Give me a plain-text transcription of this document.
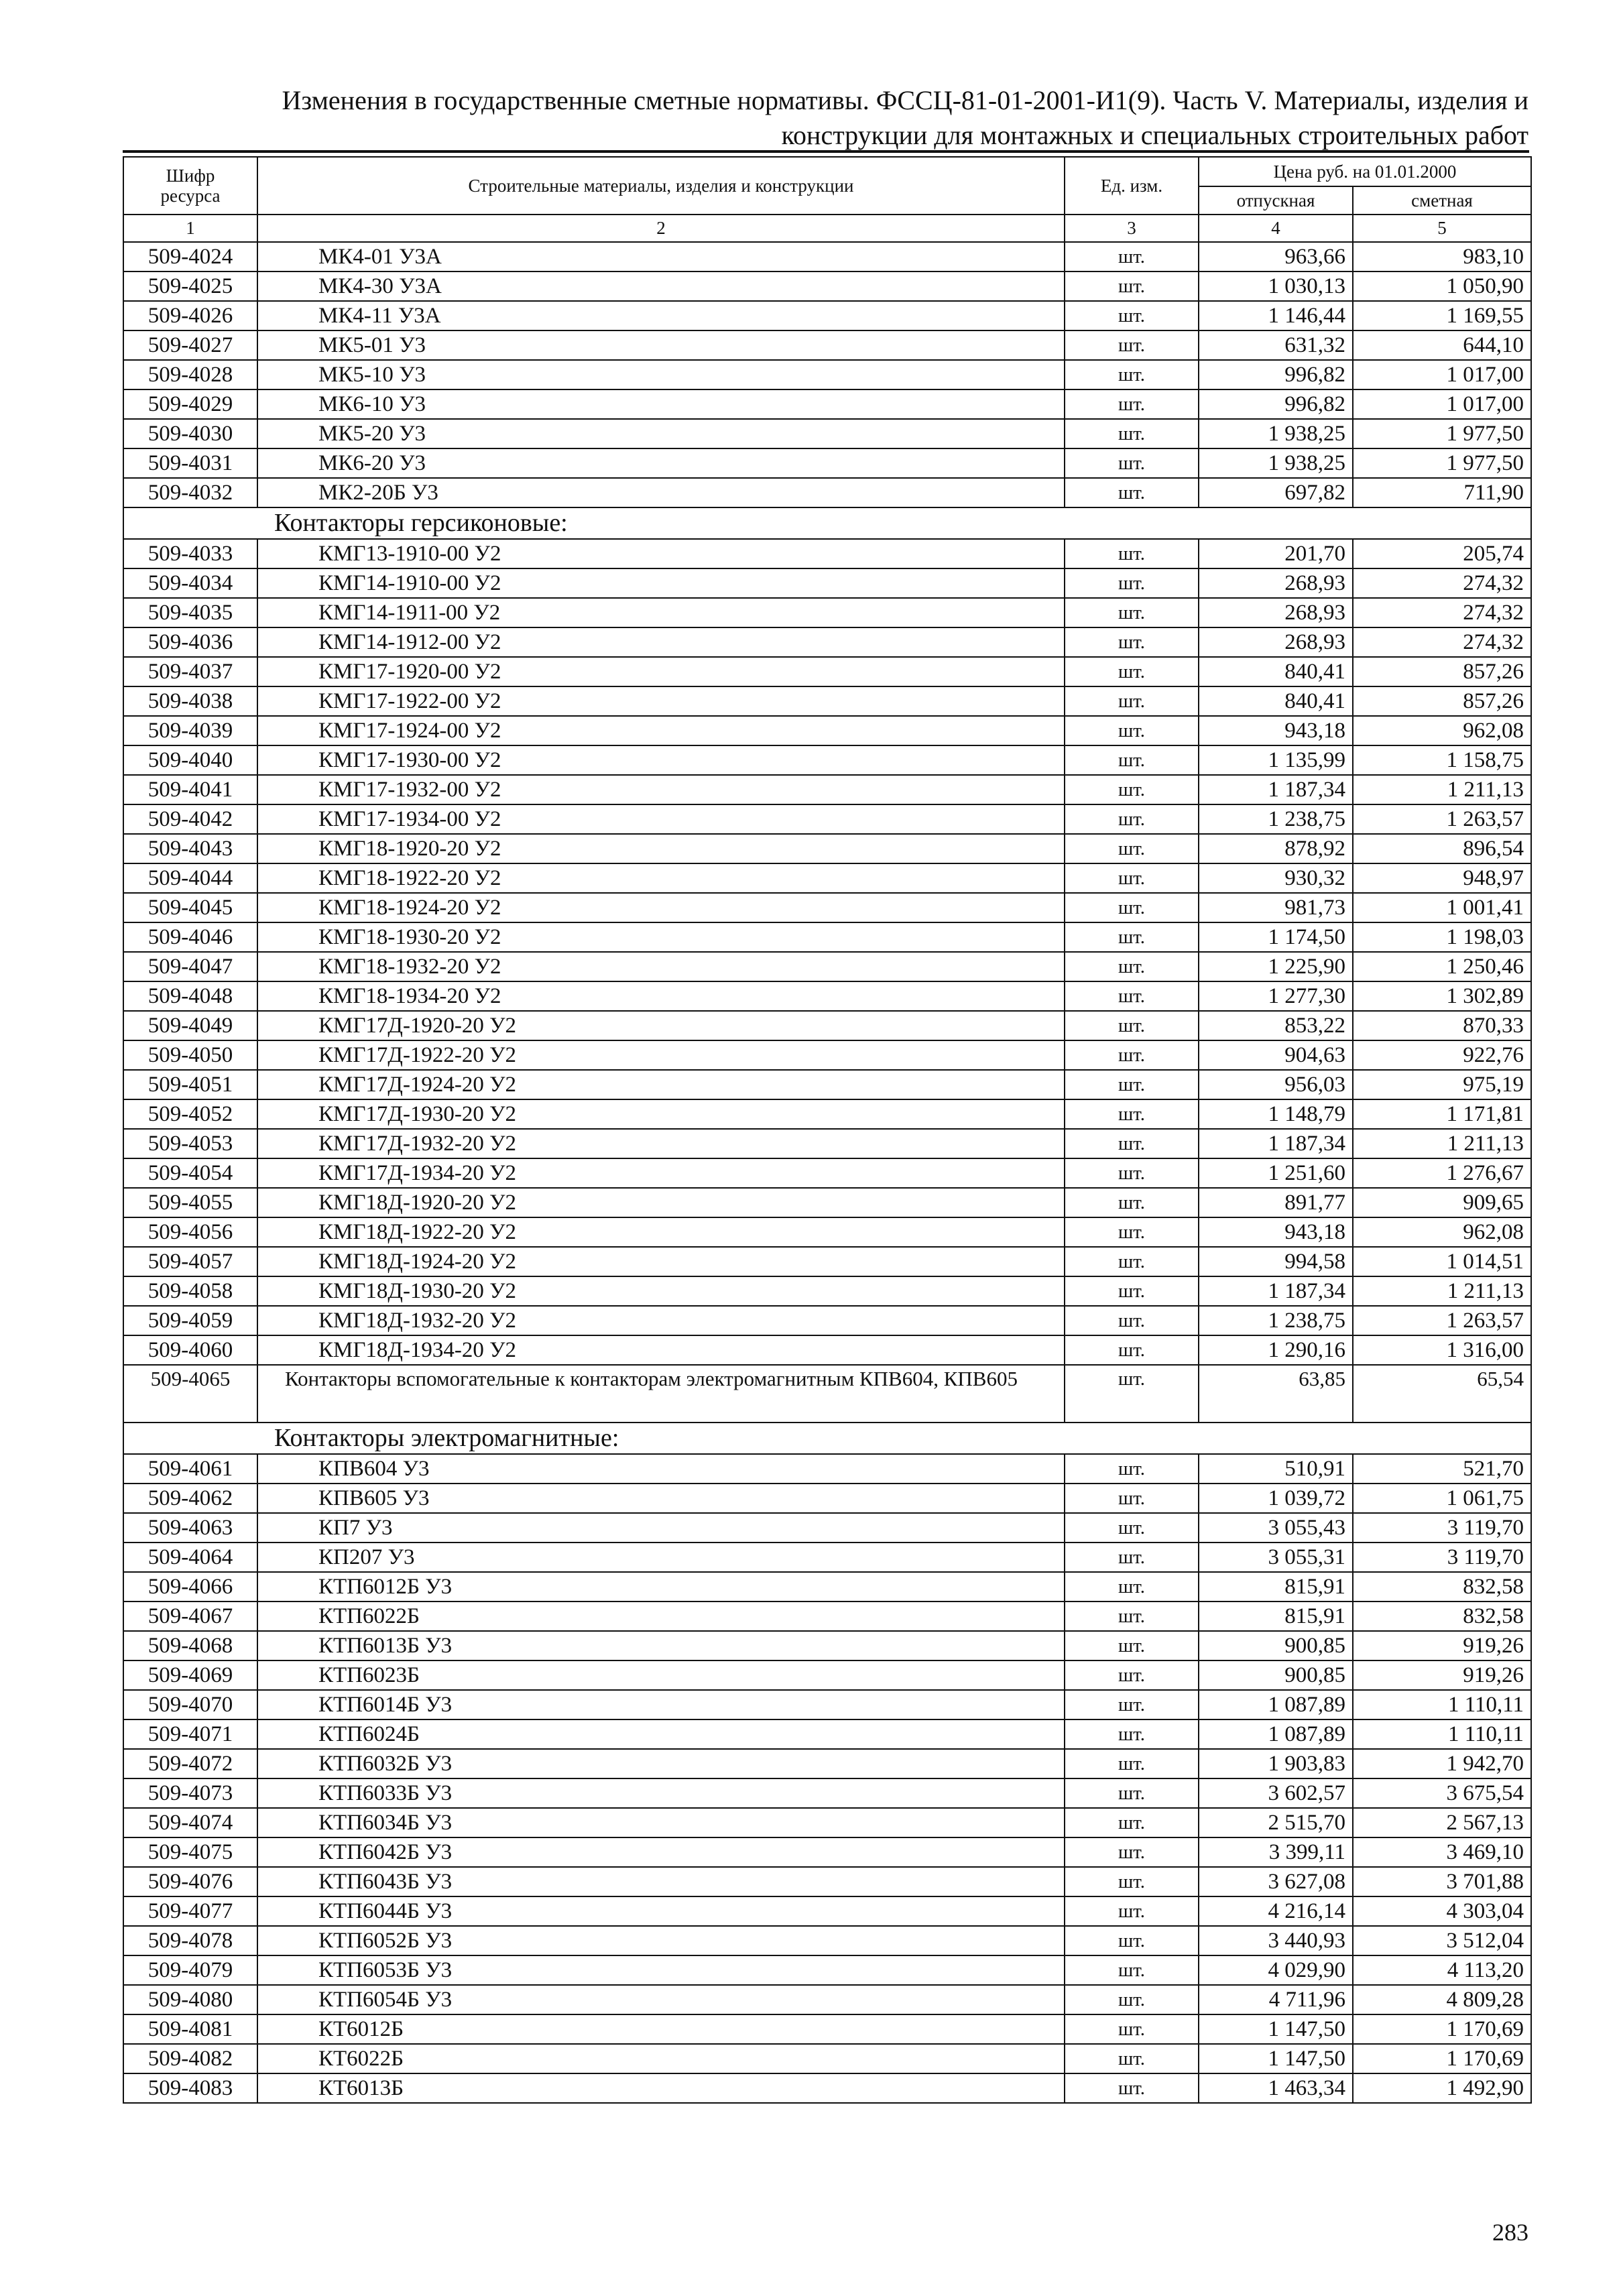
Изменения в государственные сметные нормативы. ФССЦ-81-01-2001-И1(9). Часть V. Материалы, изделия и
конструкции для монтажных и специальных строительных работ
Шифр ресурса	Строительные материалы, изделия и конструкции	Ед. изм.	Цена руб. на 01.01.2000	
			отпускная	сметная
1	2	3	4	5
509-4024	МК4-01 У3А	шт.	963,66	983,10
509-4025	МК4-30 У3А	шт.	1 030,13	1 050,90
509-4026	МК4-11 У3А	шт.	1 146,44	1 169,55
509-4027	МК5-01 У3	шт.	631,32	644,10
509-4028	МК5-10 У3	шт.	996,82	1 017,00
509-4029	МК6-10 У3	шт.	996,82	1 017,00
509-4030	МК5-20 У3	шт.	1 938,25	1 977,50
509-4031	МК6-20 У3	шт.	1 938,25	1 977,50
509-4032	МК2-20Б У3	шт.	697,82	711,90
Контакторы герсиконовые:				
509-4033	КМГ13-1910-00 У2	шт.	201,70	205,74
509-4034	КМГ14-1910-00 У2	шт.	268,93	274,32
509-4035	КМГ14-1911-00 У2	шт.	268,93	274,32
509-4036	КМГ14-1912-00 У2	шт.	268,93	274,32
509-4037	КМГ17-1920-00 У2	шт.	840,41	857,26
509-4038	КМГ17-1922-00 У2	шт.	840,41	857,26
509-4039	КМГ17-1924-00 У2	шт.	943,18	962,08
509-4040	КМГ17-1930-00 У2	шт.	1 135,99	1 158,75
509-4041	КМГ17-1932-00 У2	шт.	1 187,34	1 211,13
509-4042	КМГ17-1934-00 У2	шт.	1 238,75	1 263,57
509-4043	КМГ18-1920-20 У2	шт.	878,92	896,54
509-4044	КМГ18-1922-20 У2	шт.	930,32	948,97
509-4045	КМГ18-1924-20 У2	шт.	981,73	1 001,41
509-4046	КМГ18-1930-20 У2	шт.	1 174,50	1 198,03
509-4047	КМГ18-1932-20 У2	шт.	1 225,90	1 250,46
509-4048	КМГ18-1934-20 У2	шт.	1 277,30	1 302,89
509-4049	КМГ17Д-1920-20 У2	шт.	853,22	870,33
509-4050	КМГ17Д-1922-20 У2	шт.	904,63	922,76
509-4051	КМГ17Д-1924-20 У2	шт.	956,03	975,19
509-4052	КМГ17Д-1930-20 У2	шт.	1 148,79	1 171,81
509-4053	КМГ17Д-1932-20 У2	шт.	1 187,34	1 211,13
509-4054	КМГ17Д-1934-20 У2	шт.	1 251,60	1 276,67
509-4055	КМГ18Д-1920-20 У2	шт.	891,77	909,65
509-4056	КМГ18Д-1922-20 У2	шт.	943,18	962,08
509-4057	КМГ18Д-1924-20 У2	шт.	994,58	1 014,51
509-4058	КМГ18Д-1930-20 У2	шт.	1 187,34	1 211,13
509-4059	КМГ18Д-1932-20 У2	шт.	1 238,75	1 263,57
509-4060	КМГ18Д-1934-20 У2	шт.	1 290,16	1 316,00
509-4065	Контакторы вспомогательные к контакторам электромагнитным КПВ604, КПВ605	шт.	63,85	65,54
Контакторы электромагнитные:				
509-4061	КПВ604 У3	шт.	510,91	521,70
509-4062	КПВ605 У3	шт.	1 039,72	1 061,75
509-4063	КП7 У3	шт.	3 055,43	3 119,70
509-4064	КП207 У3	шт.	3 055,31	3 119,70
509-4066	КТП6012Б У3	шт.	815,91	832,58
509-4067	КТП6022Б	шт.	815,91	832,58
509-4068	КТП6013Б У3	шт.	900,85	919,26
509-4069	КТП6023Б	шт.	900,85	919,26
509-4070	КТП6014Б У3	шт.	1 087,89	1 110,11
509-4071	КТП6024Б	шт.	1 087,89	1 110,11
509-4072	КТП6032Б У3	шт.	1 903,83	1 942,70
509-4073	КТП6033Б У3	шт.	3 602,57	3 675,54
509-4074	КТП6034Б У3	шт.	2 515,70	2 567,13
509-4075	КТП6042Б У3	шт.	3 399,11	3 469,10
509-4076	КТП6043Б У3	шт.	3 627,08	3 701,88
509-4077	КТП6044Б У3	шт.	4 216,14	4 303,04
509-4078	КТП6052Б У3	шт.	3 440,93	3 512,04
509-4079	КТП6053Б У3	шт.	4 029,90	4 113,20
509-4080	КТП6054Б У3	шт.	4 711,96	4 809,28
509-4081	КТ6012Б	шт.	1 147,50	1 170,69
509-4082	КТ6022Б	шт.	1 147,50	1 170,69
509-4083	КТ6013Б	шт.	1 463,34	1 492,90
283
